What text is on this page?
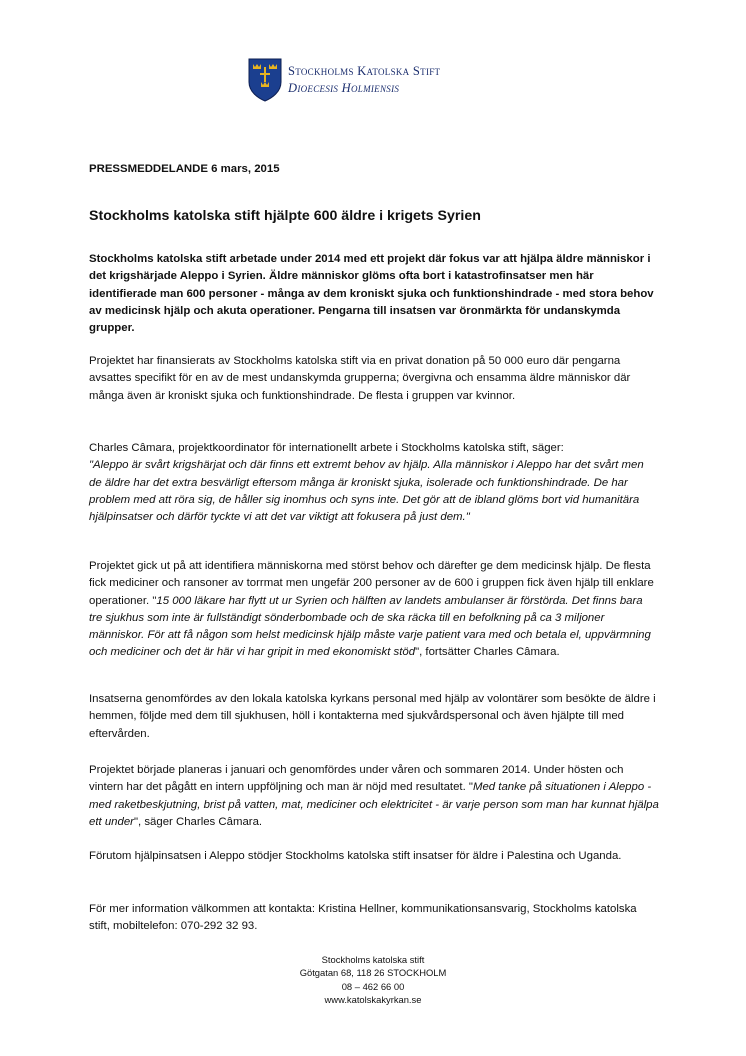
Stockholms Katolska Stift
Dioecesis Holmiensis
PRESSMEDDELANDE 6 mars, 2015
Stockholms katolska stift hjälpte 600 äldre i krigets Syrien
Stockholms katolska stift arbetade under 2014 med ett projekt där fokus var att hjälpa äldre människor i det krigshärjade Aleppo i Syrien. Äldre människor glöms ofta bort i katastrofinsatser men här identifierade man 600 personer - många av dem kroniskt sjuka och funktionshindrade - med stora behov av medicinsk hjälp och akuta operationer. Pengarna till insatsen var öronmärkta för undanskymda grupper.

Projektet har finansierats av Stockholms katolska stift via en privat donation på 50 000 euro där pengarna avsattes specifikt för en av de mest undanskymda grupperna; övergivna och ensamma äldre människor där många även är kroniskt sjuka och funktionshindrade. De flesta i gruppen var kvinnor.

Charles Câmara, projektkoordinator för internationellt arbete i Stockholms katolska stift, säger:

"Aleppo är svårt krigshärjat och där finns ett extremt behov av hjälp. Alla människor i Aleppo har det svårt men de äldre har det extra besvärligt eftersom många är kroniskt sjuka, isolerade och funktionshindrade. De har problem med att röra sig, de håller sig inomhus och syns inte. Det gör att de ibland glöms bort vid humanitära hjälpinsatser och därför tyckte vi att det var viktigt att fokusera på just dem."

Projektet gick ut på att identifiera människorna med störst behov och därefter ge dem medicinsk hjälp. De flesta fick mediciner och ransoner av torrmat men ungefär 200 personer av de 600 i gruppen fick även hjälp till enklare operationer. "15 000 läkare har flytt ut ur Syrien och hälften av landets ambulanser är förstörda. Det finns bara tre sjukhus som inte är fullständigt sönderbombade och de ska räcka till en befolkning på ca 3 miljoner människor. För att få någon som helst medicinsk hjälp måste varje patient vara med och betala el, uppvärmning och mediciner och det är här vi har gripit in med ekonomiskt stöd", fortsätter Charles Câmara.

Insatserna genomfördes av den lokala katolska kyrkans personal med hjälp av volontärer som besökte de äldre i hemmen, följde med dem till sjukhusen, höll i kontakterna med sjukvårdspersonal och även hjälpte till med eftervården.

Projektet började planeras i januari och genomfördes under våren och sommaren 2014. Under hösten och vintern har det pågått en intern uppföljning och man är nöjd med resultatet. "Med tanke på situationen i Aleppo - med raketbeskjutning, brist på vatten, mat, mediciner och elektricitet - är varje person som man har kunnat hjälpa ett under", säger Charles Câmara.

Förutom hjälpinsatsen i Aleppo stödjer Stockholms katolska stift insatser för äldre i Palestina och Uganda.

För mer information välkommen att kontakta: Kristina Hellner, kommunikationsansvarig, Stockholms katolska stift, mobiltelefon: 070-292 32 93.

Stockholms katolska stift
Götgatan 68, 118 26 STOCKHOLM
08 – 462 66 00
www.katolskakyrkan.se
